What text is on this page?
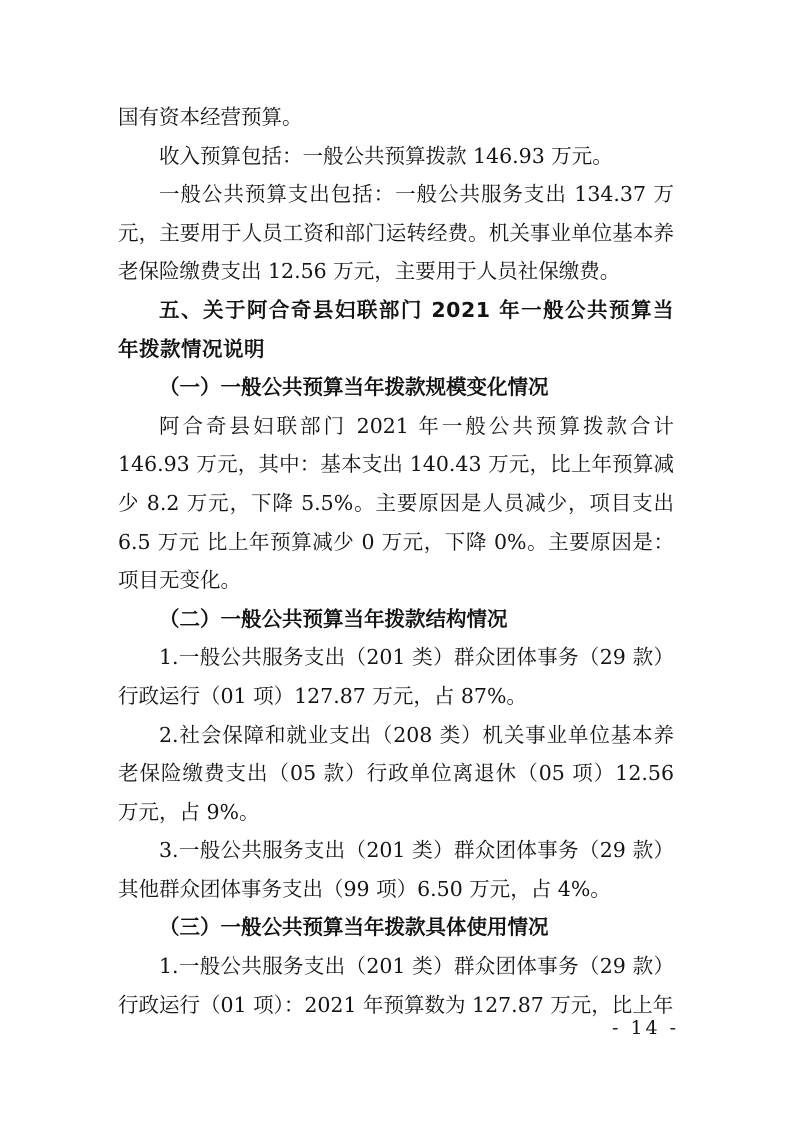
国有资本经营预算。

收入预算包括：一般公共预算拨款 146.93 万元。

一般公共预算支出包括：一般公共服务支出 134.37 万元，主要用于人员工资和部门运转经费。机关事业单位基本养老保险缴费支出 12.56 万元，主要用于人员社保缴费。

五、关于阿合奇县妇联部门 2021 年一般公共预算当年拨款情况说明

（一）一般公共预算当年拨款规模变化情况

阿合奇县妇联部门 2021 年一般公共预算拨款合计 146.93 万元，其中：基本支出 140.43 万元，比上年预算减少 8.2 万元，下降 5.5%。主要原因是人员减少，项目支出 6.5 万元 比上年预算减少 0 万元，下降 0%。主要原因是：项目无变化。

（二）一般公共预算当年拨款结构情况

1.一般公共服务支出（201 类）群众团体事务（29 款）行政运行（01 项）127.87 万元，占 87%。

2.社会保障和就业支出（208 类）机关事业单位基本养老保险缴费支出（05 款）行政单位离退休（05 项）12.56 万元，占 9%。

3.一般公共服务支出（201 类）群众团体事务（29 款）其他群众团体事务支出（99 项）6.50 万元，占 4%。

（三）一般公共预算当年拨款具体使用情况

1.一般公共服务支出（201 类）群众团体事务（29 款）行政运行（01 项）：2021 年预算数为 127.87 万元，比上年

- 14 -
